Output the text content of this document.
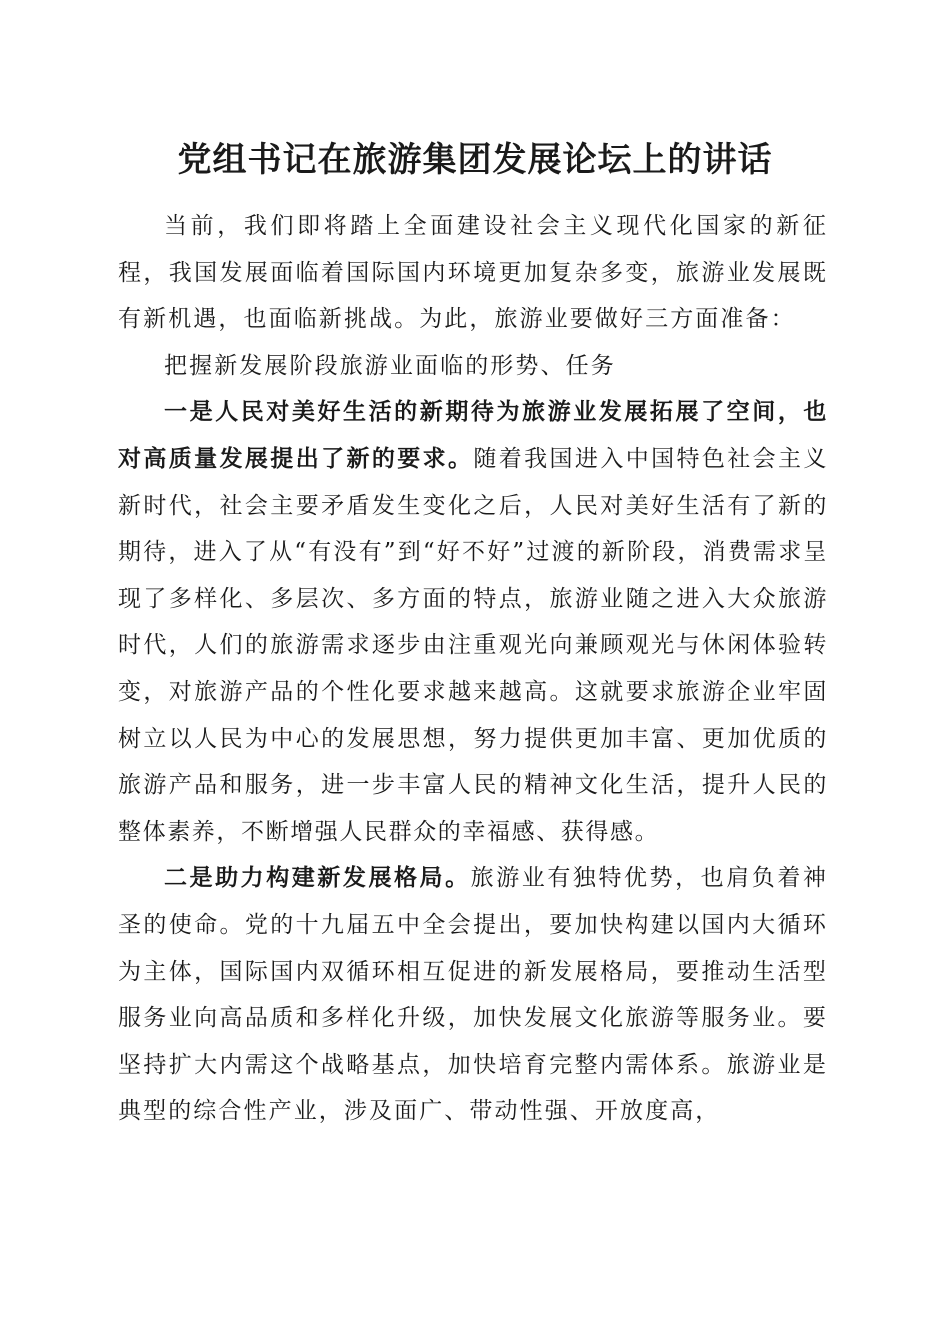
党组书记在旅游集团发展论坛上的讲话

当前，我们即将踏上全面建设社会主义现代化国家的新征程，我国发展面临着国际国内环境更加复杂多变，旅游业发展既有新机遇，也面临新挑战。为此，旅游业要做好三方面准备：

把握新发展阶段旅游业面临的形势、任务

一是人民对美好生活的新期待为旅游业发展拓展了空间，也对高质量发展提出了新的要求。随着我国进入中国特色社会主义新时代，社会主要矛盾发生变化之后，人民对美好生活有了新的期待，进入了从“有没有”到“好不好”过渡的新阶段，消费需求呈现了多样化、多层次、多方面的特点，旅游业随之进入大众旅游时代，人们的旅游需求逐步由注重观光向兼顾观光与休闲体验转变，对旅游产品的个性化要求越来越高。这就要求旅游企业牢固树立以人民为中心的发展思想，努力提供更加丰富、更加优质的旅游产品和服务，进一步丰富人民的精神文化生活，提升人民的整体素养，不断增强人民群众的幸福感、获得感。

二是助力构建新发展格局。旅游业有独特优势，也肩负着神圣的使命。党的十九届五中全会提出，要加快构建以国内大循环为主体，国际国内双循环相互促进的新发展格局，要推动生活型服务业向高品质和多样化升级，加快发展文化旅游等服务业。要坚持扩大内需这个战略基点，加快培育完整内需体系。旅游业是典型的综合性产业，涉及面广、带动性强、开放度高，
